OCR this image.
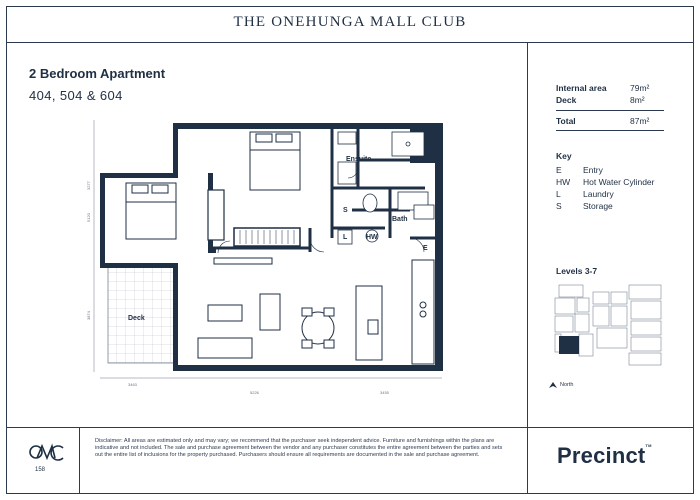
THE ONEHUNGA MALL CLUB
2 Bedroom Apartment
404, 504 & 604	Internal area	79m²
Deck	8m²
Total	87m²
Key
E	Entry
HW Hot Water Cylinder
L	Laundry
S	Storage
Levels 3-7
North
3277
5120
3874
3463
5226	3455
Ensuite
S
Bath
L	HW
E
Deck
158
Disclaimer: All areas are estimated only and may vary; we recommend that the purchaser seek independent advice. Furniture and furnishings within the plans are indicative and not included. The sale and purchase agreement between the vendor and any purchaser constitutes the entire agreement between the parties and sets out the entire list of inclusions for the property purchased. Purchasers should ensure all requirements are documented in the sale and purchase agreement.	Precinct™
